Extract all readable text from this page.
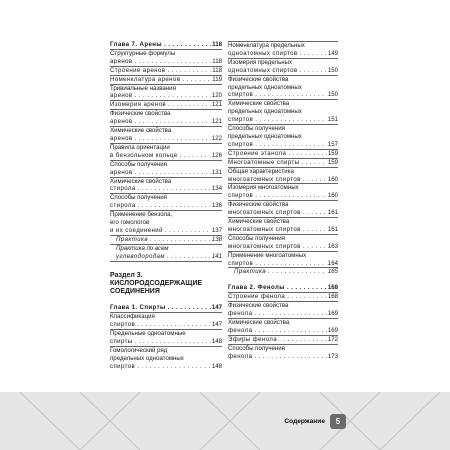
Глава 7. Арены . . .	118
Структурные формулы
аренов . . .	118
Строение аренов . . .	118
Номенклатура аренов . . .	119
Тривиальные названия
аренов . . .	120
Изомерия аренов . . .	121
Физические свойства
аренов . . .	121
Химические свойства
аренов . . .	122
Правила ориентации
в бензольном кольце . . .	126
Способы получения
аренов . . .	131
Химические свойства
стирола . . .	134
Способы получения
стирола . . .	136
Применение бензола,
его гомологов
и их соединений . . .	137
Практика . . .	138
Практика по всем
углеводородам . . .	141
Раздел 3.
КИСЛОРОДСОДЕРЖАЩИЕ
СОЕДИНЕНИЯ
Глава 1. Спирты . . .	147
Классификация
спиртов . . .	147
Предельные одноатомные
спирты . . .	148
Гомологический ряд
предельных одноатомных
спиртов . . .	148
Номенклатура предельных
одноатомных спиртов . . .	149
Изомерия предельных
одноатомных спиртов . . .	150
Физические свойства
предельных одноатомных
спиртов . . .	150
Химические свойства
предельных одноатомных
спиртов . . .	151
Способы получения
предельных одноатомных
спиртов . . .	157
Строение этанола . . .	159
Многоатомные спирты . . .	159
Общая характеристика
многоатомных спиртов . . .	160
Изомерия многоатомных
спиртов . . .	160
Физические свойства
многоатомных спиртов . . .	161
Химические свойства
многоатомных спиртов . . .	161
Способы получения
многоатомных спиртов . . .	163
Применение многоатомных
спиртов . . .	164
Практика . . .	165
Глава 2. Фенолы . . .	168
Строение фенола . . .	168
Физические свойства
фенола . . .	169
Химические свойства
фенола . . .	169
Эфиры фенола . . .	172
Способы получения
фенола . . .	173
Содержание	5
